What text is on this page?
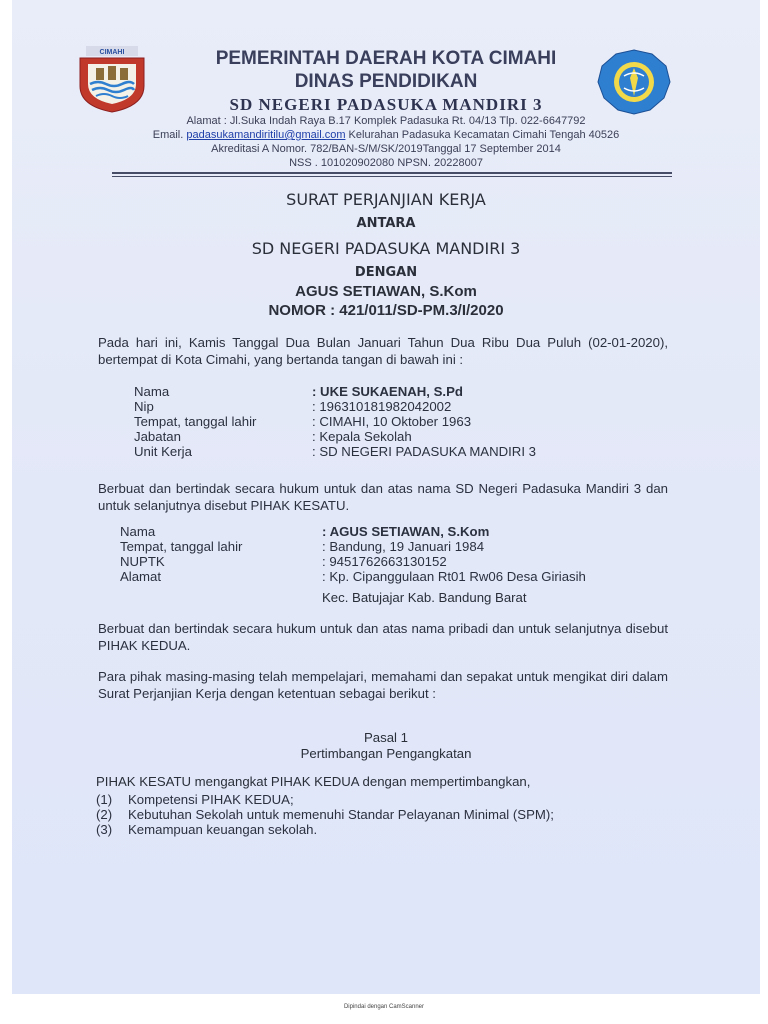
CIMAHI	PEMERINTAH DAERAH KOTA CIMAHI
DINAS PENDIDIKAN
SD NEGERI PADASUKA MANDIRI 3
Alamat : Jl.Suka Indah Raya B.17 Komplek Padasuka Rt. 04/13 Tlp. 022-6647792
Email. padasukamandiritilu@gmail.com Kelurahan Padasuka Kecamatan Cimahi Tengah 40526
Akreditasi A Nomor. 782/BAN-S/M/SK/2019Tanggal 17 September 2014
NSS . 101020902080 NPSN. 20228007
SURAT PERJANJIAN KERJA
ANTARA
SD NEGERI PADASUKA MANDIRI 3
DENGAN
AGUS SETIAWAN, S.Kom
NOMOR : 421/011/SD-PM.3/I/2020
Pada hari ini, Kamis Tanggal Dua Bulan Januari Tahun Dua Ribu Dua Puluh (02-01-2020), bertempat di Kota Cimahi, yang bertanda tangan di bawah ini :
Nama	: UKE SUKAENAH, S.Pd
Nip	: 196310181982042002
Tempat, tanggal lahir	: CIMAHI, 10 Oktober 1963
Jabatan	: Kepala Sekolah
Unit Kerja	: SD NEGERI PADASUKA MANDIRI 3
Berbuat dan bertindak secara hukum untuk dan atas nama SD Negeri Padasuka Mandiri 3 dan untuk selanjutnya disebut PIHAK KESATU.
Nama	: AGUS SETIAWAN, S.Kom
Tempat, tanggal lahir	: Bandung, 19 Januari 1984
NUPTK	: 9451762663130152
Alamat	: Kp. Cipanggulaan Rt01 Rw06 Desa Giriasih
Kec. Batujajar Kab. Bandung Barat
Berbuat dan bertindak secara hukum untuk dan atas nama pribadi dan untuk selanjutnya disebut PIHAK KEDUA.
Para pihak masing-masing telah mempelajari, memahami dan sepakat untuk mengikat diri dalam Surat Perjanjian Kerja dengan ketentuan sebagai berikut :
Pasal 1
Pertimbangan Pengangkatan
PIHAK KESATU mengangkat PIHAK KEDUA dengan mempertimbangkan,
(1) Kompetensi PIHAK KEDUA;
(2) Kebutuhan Sekolah untuk memenuhi Standar Pelayanan Minimal (SPM);
(3) Kemampuan keuangan sekolah.
Dipindai dengan CamScanner
